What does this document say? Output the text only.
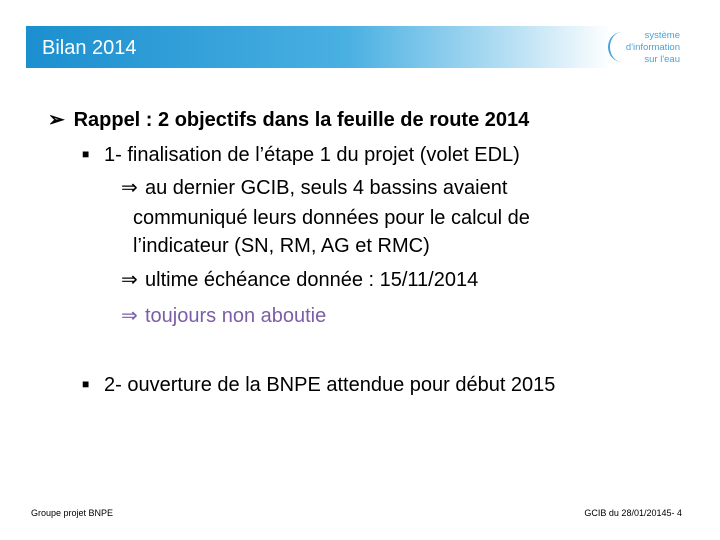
Bilan 2014
système
d'information
sur l'eau
➢ Rappel : 2 objectifs dans la feuille de route 2014
■ 1- finalisation de l’étape 1 du projet (volet EDL)
⇒ au dernier GCIB, seuls 4 bassins avaient
communiqué leurs données pour le calcul de
l’indicateur (SN, RM, AG et RMC)
⇒ ultime échéance donnée : 15/11/2014
⇒ toujours non aboutie
■ 2- ouverture de la BNPE attendue pour début 2015
Groupe projet BNPE	GCIB du 28/01/20145- 4
